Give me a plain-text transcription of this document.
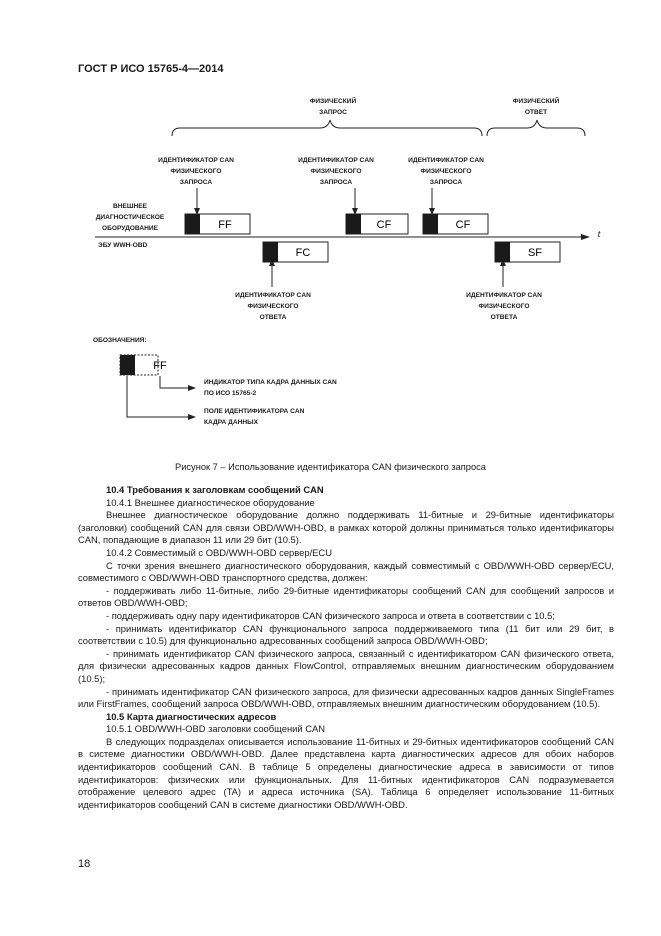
ГОСТ Р ИСО 15765-4—2014
FF	CF	CF
FC	SF
FF
ФИЗИЧЕСКИЙ
ЗАПРОС
ФИЗИЧЕСКИЙ
ОТВЕТ
ИДЕНТИФИКАТОР CAN
ФИЗИЧЕСКОГО
ЗАПРОСА
ИДЕНТИФИКАТОР CAN
ФИЗИЧЕСКОГО
ЗАПРОСА
ИДЕНТИФИКАТОР CAN
ФИЗИЧЕСКОГО
ЗАПРОСА
ВНЕШНЕЕ
ДИАГНОСТИЧЕСКОЕ
ОБОРУДОВАНИЕ
ЭБУ WWH-OBD
t
ИДЕНТИФИКАТОР CAN
ФИЗИЧЕСКОГО
ОТВЕТА
ИДЕНТИФИКАТОР CAN
ФИЗИЧЕСКОГО
ОТВЕТА
ОБОЗНАЧЕНИЯ:
ИНДИКАТОР ТИПА КАДРА ДАННЫХ CAN
ПО ИСО 15765-2
ПОЛЕ ИДЕНТИФИКАТОРА CAN
КАДРА ДАННЫХ
Рисунок 7 – Использование идентификатора CAN физического запроса

10.4 Требования к заголовкам сообщений CAN

10.4.1 Внешнее диагностическое оборудование

Внешнее диагностическое оборудование должно поддерживать 11-битные и 29-битные идентификаторы (заголовки) сообщений CAN для связи OBD/WWH-OBD, в рамках которой должны приниматься только идентификаторы CAN, попадающие в диапазон 11 или 29 бит (10.5).

10.4.2 Совместимый с OBD/WWH-OBD сервер/ECU

С точки зрения внешнего диагностического оборудования, каждый совместимый с OBD/WWH-OBD сервер/ECU, совместимого с OBD/WWH-OBD транспортного средства, должен:

- поддерживать либо 11-битные, либо 29-битные идентификаторы сообщений CAN для сообщений запросов и ответов OBD/WWH-OBD;

- поддерживать одну пару идентификаторов CAN физического запроса и ответа в соответствии с 10.5;

- принимать идентификатор CAN функционального запроса поддерживаемого типа (11 бит или 29 бит, в соответствии с 10.5) для функционально адресованных сообщений запроса OBD/WWH-OBD;

- принимать идентификатор CAN физического запроса, связанный с идентификатором CAN физического ответа, для физически адресованных кадров данных FlowControl, отправляемых внешним диагностическим оборудованием (10.5);

- принимать идентификатор CAN физического запроса, для физически адресованных кадров данных SingleFrames или FirstFrames, сообщений запроса OBD/WWH-OBD, отправляемых внешним диагностическим оборудованием (10.5).

10.5 Карта диагностических адресов

10.5.1 OBD/WWH-OBD заголовки сообщений CAN

В следующих подразделах описывается использование 11-битных и 29-битных идентификаторов сообщений CAN в системе диагностики OBD/WWH-OBD. Далее представлена карта диагностических адресов для обоих наборов идентификаторов сообщений CAN. В таблице 5 определены диагностические адреса в зависимости от типов идентификаторов: физических или функциональных. Для 11-битных идентификаторов CAN подразумевается отображение целевого адрес (TA) и адреса источника (SA). Таблица 6 определяет использование 11-битных идентификаторов сообщений CAN в системе диагностики OBD/WWH-OBD.

18
